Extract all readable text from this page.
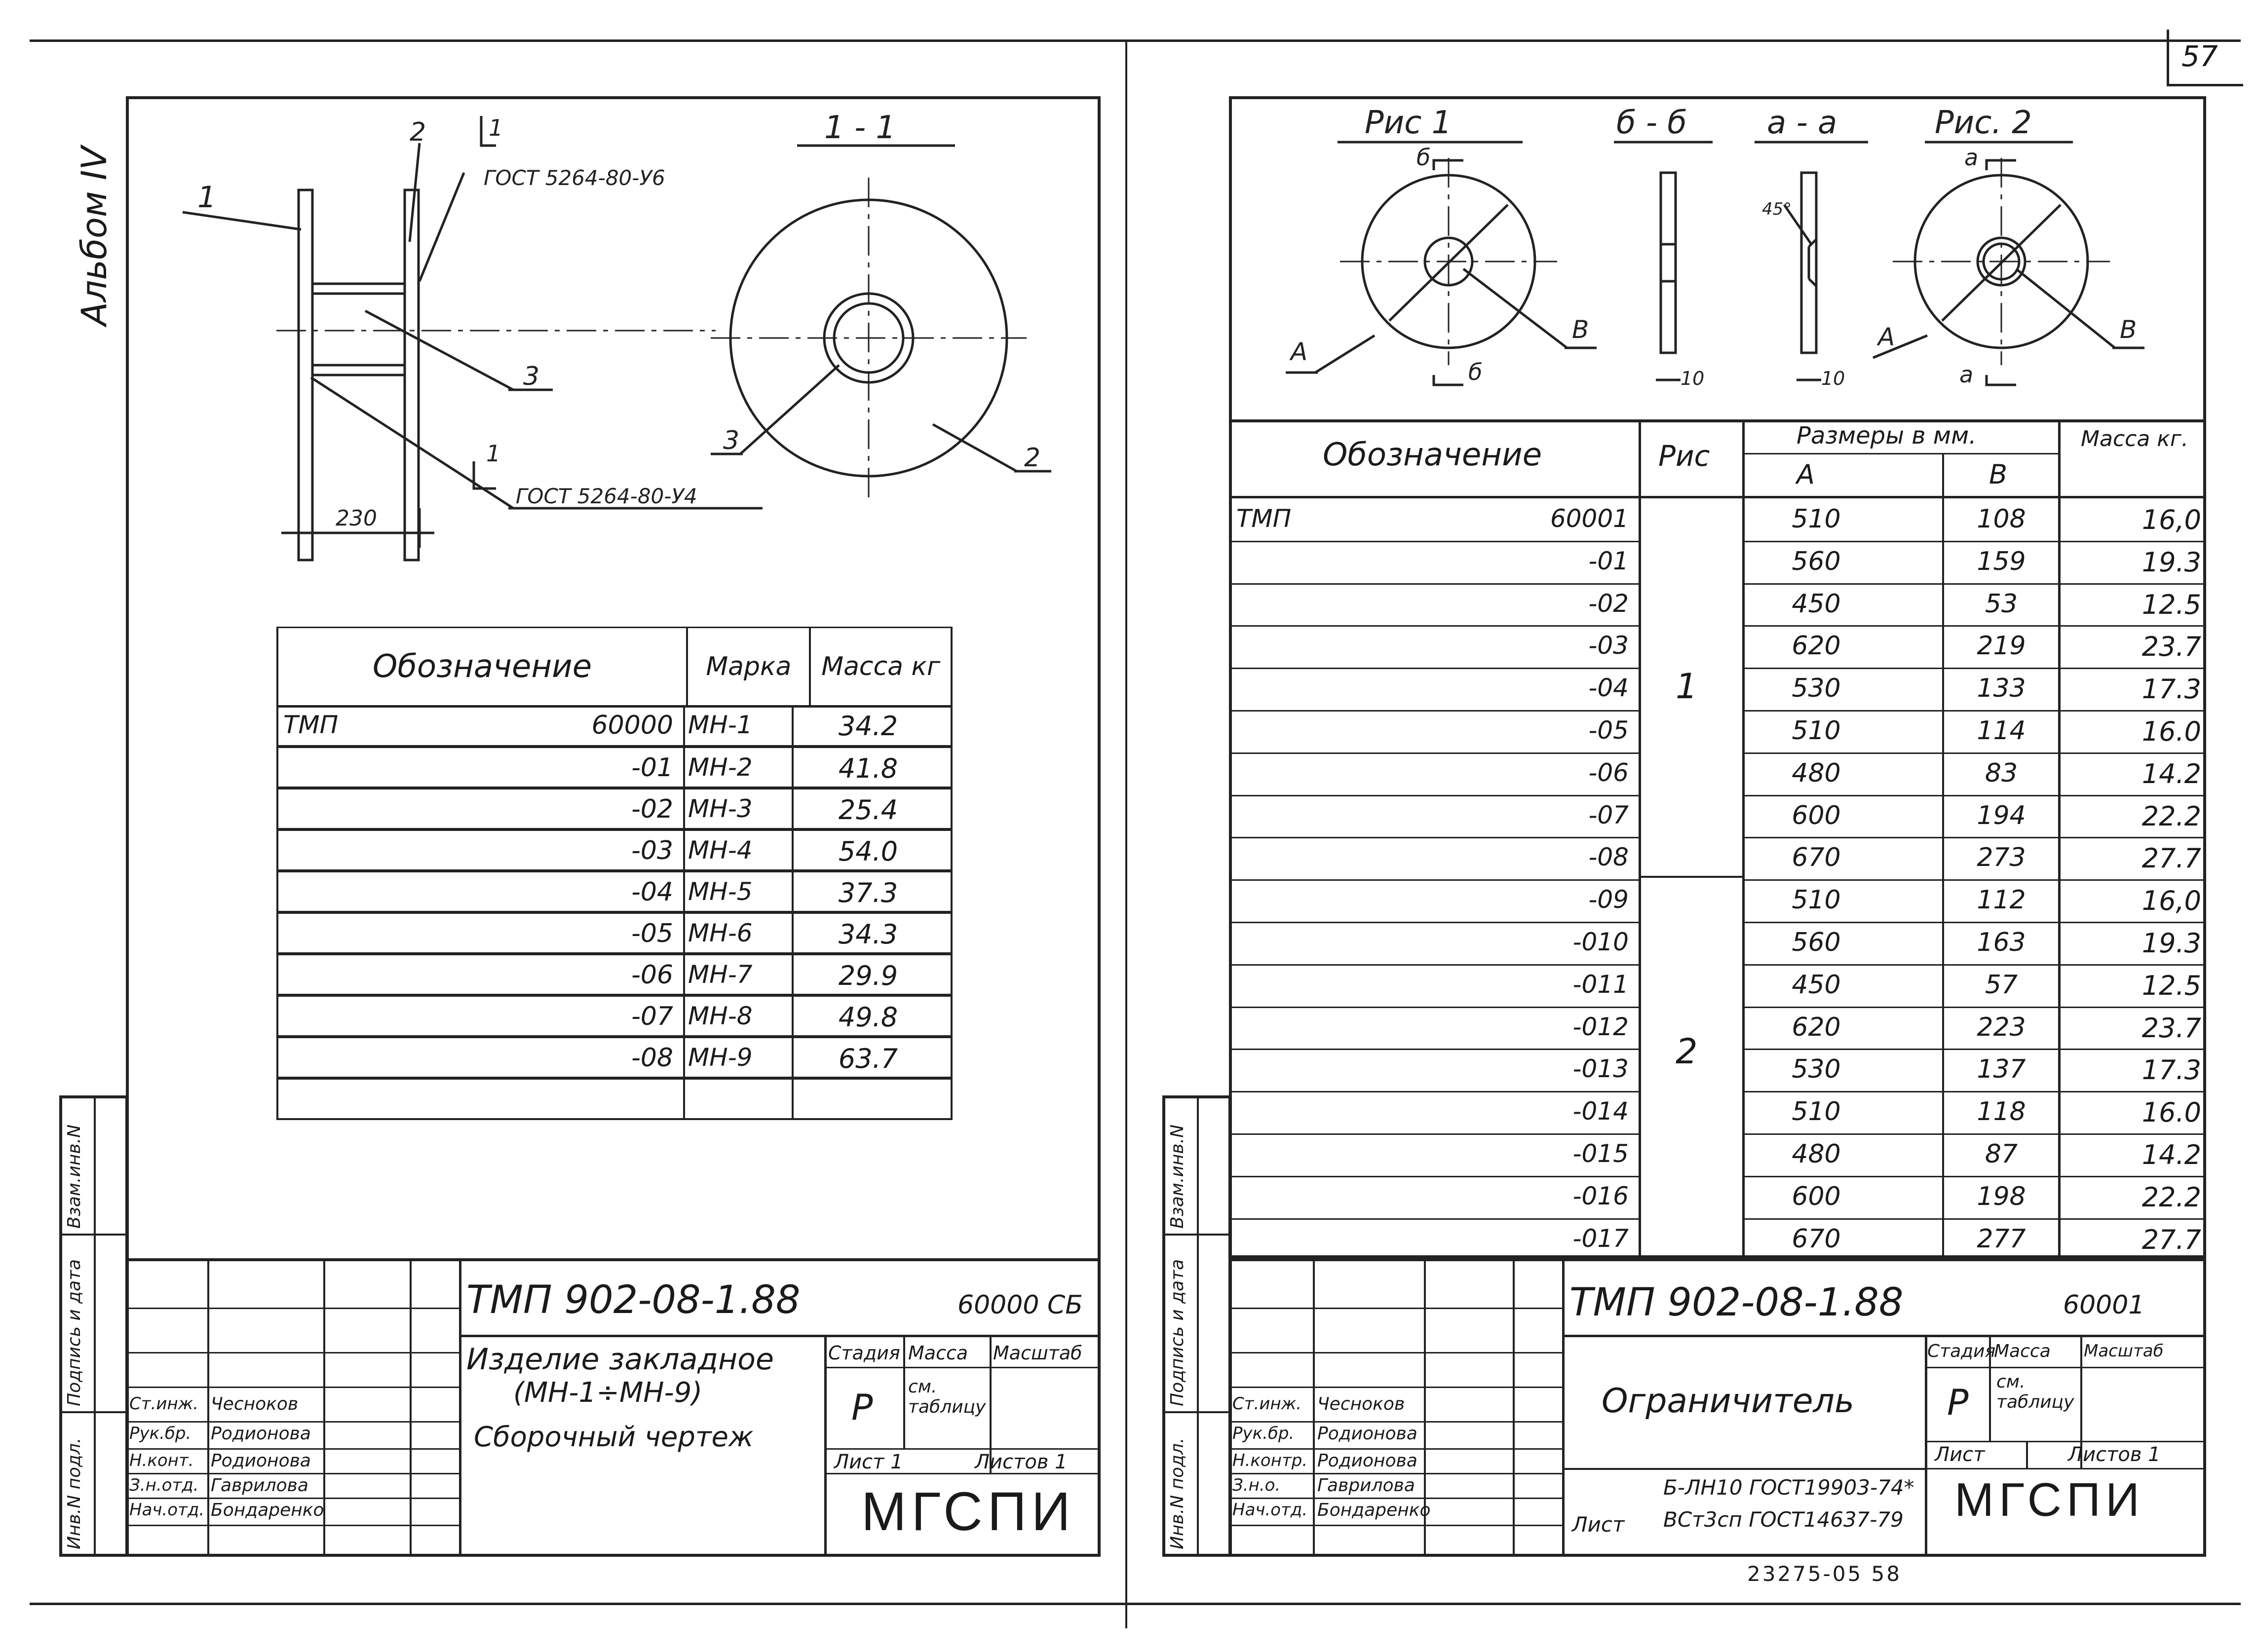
57
Альбом IV
Взам.инв.N
Подпись и дата
Инв.N подл.
1
2
3
1
1	3
2
ГОСТ 5264-80-У6
ГОСТ 5264-80-У4
230
1 - 1
Обозначение	Марка	Масса кг
ТМП	60000 МН-1	34.2
-01 МН-2	41.8
-02 МН-3	25.4
-03 МН-4	54.0
-04 МН-5	37.3
-05 МН-6	34.3
-06 МН-7	29.9
-07 МН-8	49.8
-08 МН-9	63.7
ТМП 902-08-1.88	60000 СБ
Изделие закладное
(МН-1÷МН-9)
Сборочный чертеж
Стадия Масса Масштаб
Р см. таблицу
Лист 1	Листов 1
МГСПИ
Ст.инж. Чесноков
Рук.бр. Родионова
Н.конт. Родионова
З.н.отд. Гаврилова
Нач.отд. Бондаренко
Взам.инв.N
Подпись и дата
Инв.N подл.
Рис 1	б - б	а - а	Рис. 2
б
б
а
а
А
В	А	В
10	10
45°
Обозначение	Рис
Размеры в мм.
А	В
Масса кг.
1
2
ТМП	60001	510	108	16,0
-01	560	159	19.3
-02	450	53	12.5
-03	620	219	23.7
-04	530	133	17.3
-05	510	114	16.0
-06	480	83	14.2
-07	600	194	22.2
-08	670	273	27.7
-09	510	112	16,0
-010	560	163	19.3
-011	450	57	12.5
-012	620	223	23.7
-013	530	137	17.3
-014	510	118	16.0
-015	480	87	14.2
-016	600	198	22.2
-017	670	277	27.7
ТМП 902-08-1.88	60001
Ограничитель
Стадия
Масса Масштаб
Р см. таблицу
Лист	Листов 1
Б-ЛН10 ГОСТ19903-74*
Лист ВСт3сп ГОСТ14637-79 МГСПИ
23275-05 58
Ст.инж. Чесноков
Рук.бр. Родионова
Н.контр. Родионова
З.н.о. Гаврилова
Нач.отд. Бондаренко
